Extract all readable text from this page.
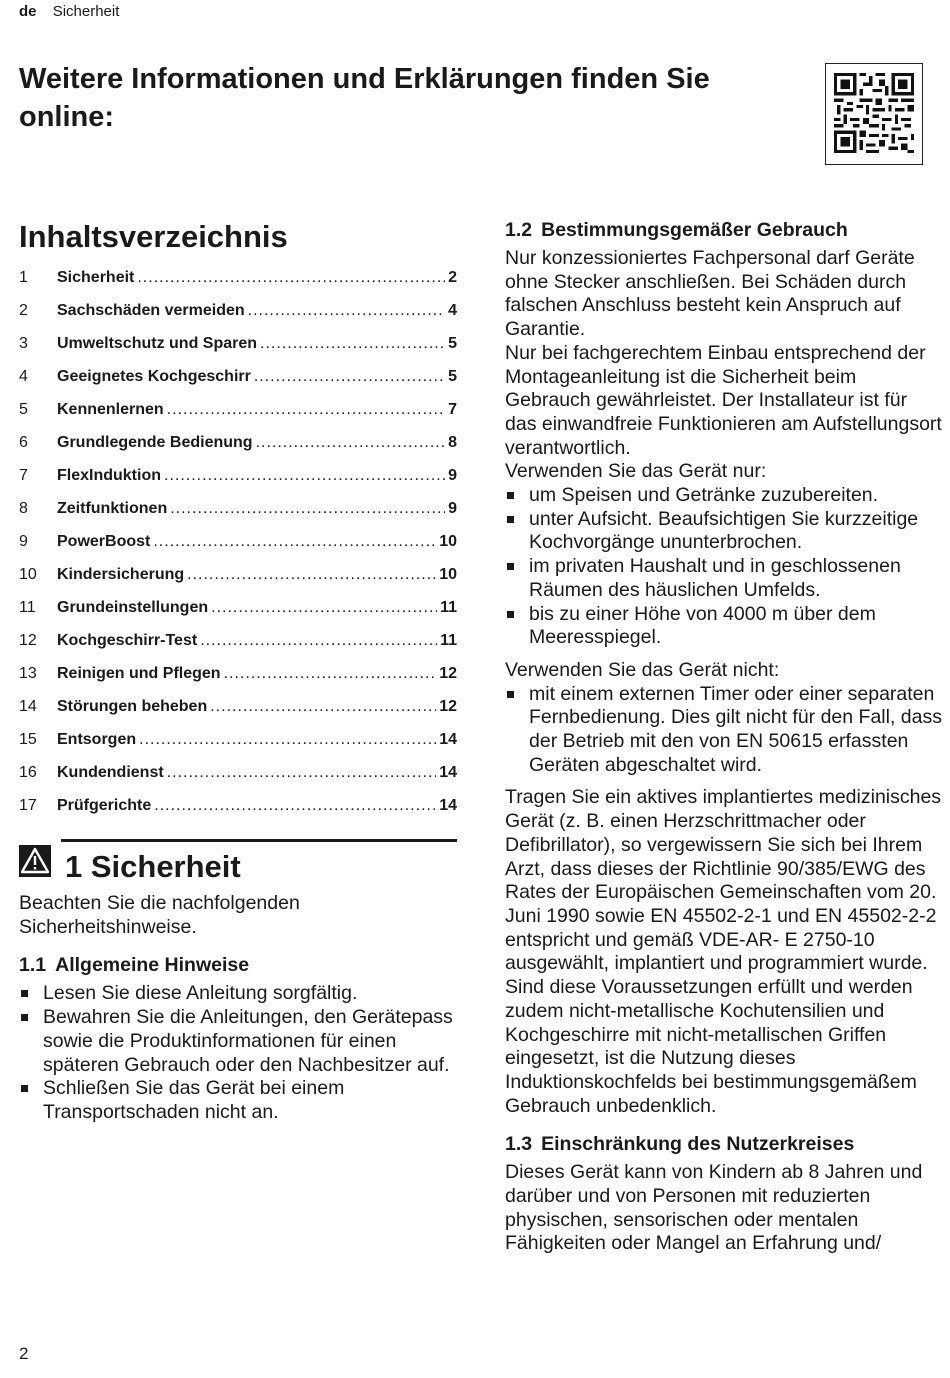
de Sicherheit
Weitere Informationen und Erklärungen finden Sie online:
Inhaltsverzeichnis
1	Sicherheit .....	2
2	Sachschäden vermeiden .....	4
3	Umweltschutz und Sparen .....	5
4	Geeignetes Kochgeschirr .....	5
5	Kennenlernen .....	7
6	Grundlegende Bedienung .....	8
7	FlexInduktion .....	9
8	Zeitfunktionen .....	9
9	PowerBoost .....	10
10	Kindersicherung .....	10
11	Grundeinstellungen .....	11
12	Kochgeschirr-Test .....	11
13	Reinigen und Pflegen .....	12
14	Störungen beheben .....	12
15	Entsorgen .....	14
16	Kundendienst .....	14
17	Prüfgerichte .....	14
1 Sicherheit

Beachten Sie die nachfolgenden Sicherheitshinweise.

1.1 Allgemeine Hinweise
Lesen Sie diese Anleitung sorgfältig.
Bewahren Sie die Anleitungen, den Gerätepass sowie die Produktinformationen für einen späteren Gebrauch oder den Nachbesitzer auf.
Schließen Sie das Gerät bei einem Transportschaden nicht an.
1.2 Bestimmungsgemäßer Gebrauch

Nur konzessioniertes Fachpersonal darf Geräte ohne Stecker anschließen. Bei Schäden durch falschen Anschluss besteht kein Anspruch auf Garantie.

Nur bei fachgerechtem Einbau entsprechend der Montageanleitung ist die Sicherheit beim Gebrauch gewährleistet. Der Installateur ist für das einwandfreie Funktionieren am Aufstellungsort verantwortlich.

Verwenden Sie das Gerät nur:

um Speisen und Getränke zuzubereiten.
unter Aufsicht. Beaufsichtigen Sie kurzzeitige Kochvorgänge ununterbrochen.
im privaten Haushalt und in geschlossenen Räumen des häuslichen Umfelds.
bis zu einer Höhe von 4000 m über dem Meeresspiegel.

Verwenden Sie das Gerät nicht:

mit einem externen Timer oder einer separaten Fernbedienung. Dies gilt nicht für den Fall, dass der Betrieb mit den von EN 50615 erfassten Geräten abgeschaltet wird.

Tragen Sie ein aktives implantiertes medizinisches Gerät (z. B. einen Herzschrittmacher oder Defibrillator), so vergewissern Sie sich bei Ihrem Arzt, dass dieses der Richtlinie 90/385/EWG des Rates der Europäischen Gemeinschaften vom 20. Juni 1990 sowie EN 45502-2-1 und EN 45502-2-2 entspricht und gemäß VDE-AR- E 2750-10 ausgewählt, implantiert und programmiert wurde. Sind diese Voraussetzungen erfüllt und werden zudem nicht-metallische Kochutensilien und Kochgeschirre mit nicht-metallischen Griffen eingesetzt, ist die Nutzung dieses Induktionskochfelds bei bestimmungsgemäßem Gebrauch unbedenklich.

1.3 Einschränkung des Nutzerkreises

Dieses Gerät kann von Kindern ab 8 Jahren und darüber und von Personen mit reduzierten physischen, sensorischen oder mentalen Fähigkeiten oder Mangel an Erfahrung und/

2
